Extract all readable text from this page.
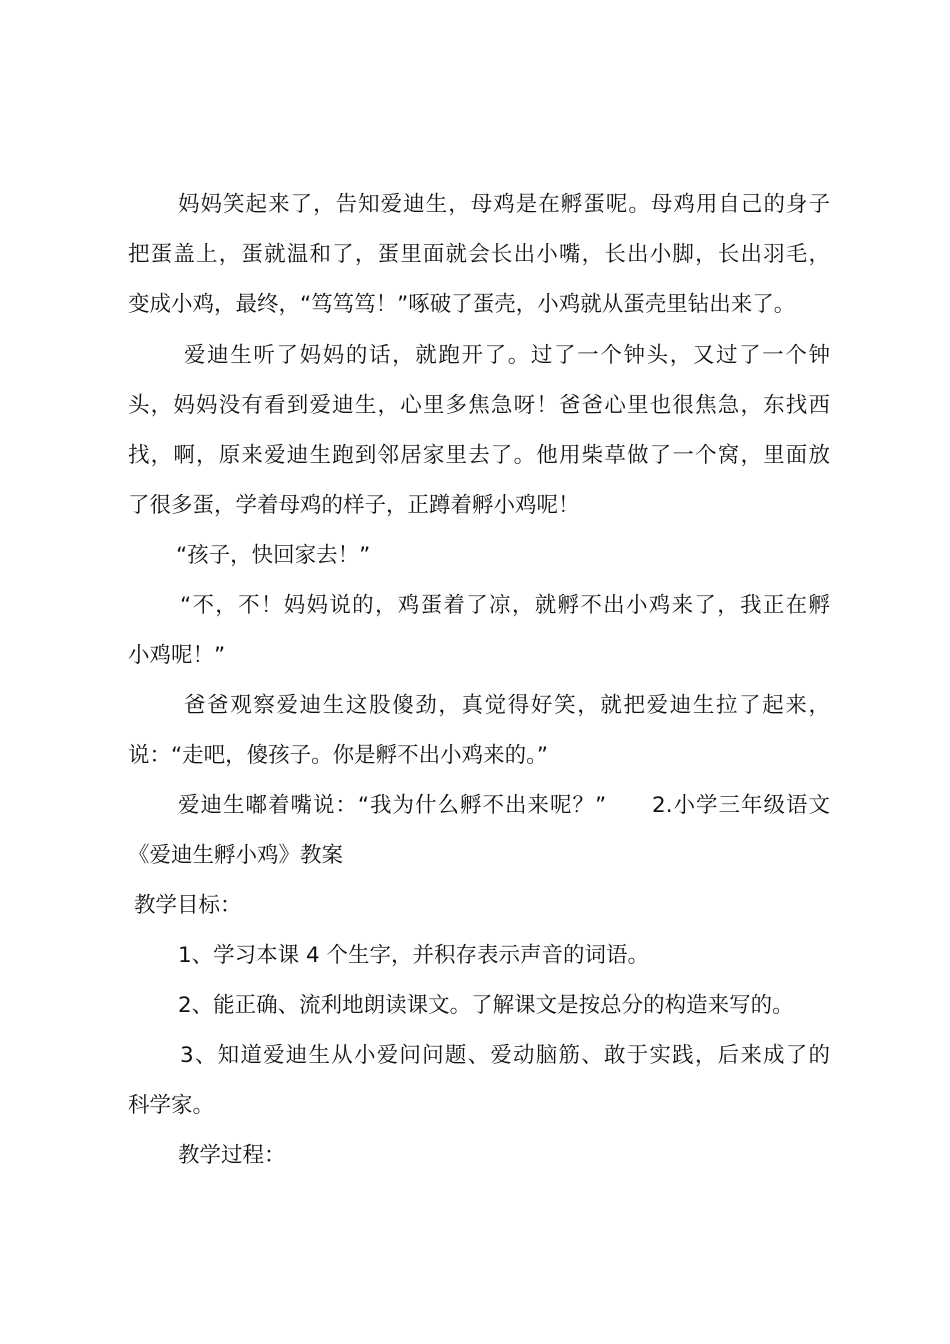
妈妈笑起来了，告知爱迪生，母鸡是在孵蛋呢。母鸡用自己的身子
把蛋盖上，蛋就温和了，蛋里面就会长出小嘴，长出小脚，长出羽毛，
变成小鸡，最终，“笃笃笃！”啄破了蛋壳，小鸡就从蛋壳里钻出来了。
爱迪生听了妈妈的话，就跑开了。过了一个钟头，又过了一个钟
头，妈妈没有看到爱迪生，心里多焦急呀！爸爸心里也很焦急，东找西
找，啊，原来爱迪生跑到邻居家里去了。他用柴草做了一个窝，里面放
了很多蛋，学着母鸡的样子，正蹲着孵小鸡呢！
“孩子，快回家去！”
“不，不！妈妈说的，鸡蛋着了凉，就孵不出小鸡来了，我正在孵
小鸡呢！”
爸爸观察爱迪生这股傻劲，真觉得好笑，就把爱迪生拉了起来，
说：“走吧，傻孩子。你是孵不出小鸡来的。”
爱迪生嘟着嘴说：“我为什么孵不出来呢？”　　2.小学三年级语文
《爱迪生孵小鸡》教案
教学目标：
1、学习本课 4 个生字，并积存表示声音的词语。
2、能正确、流利地朗读课文。了解课文是按总分的构造来写的。
3、知道爱迪生从小爱问问题、爱动脑筋、敢于实践，后来成了的
科学家。
教学过程：
